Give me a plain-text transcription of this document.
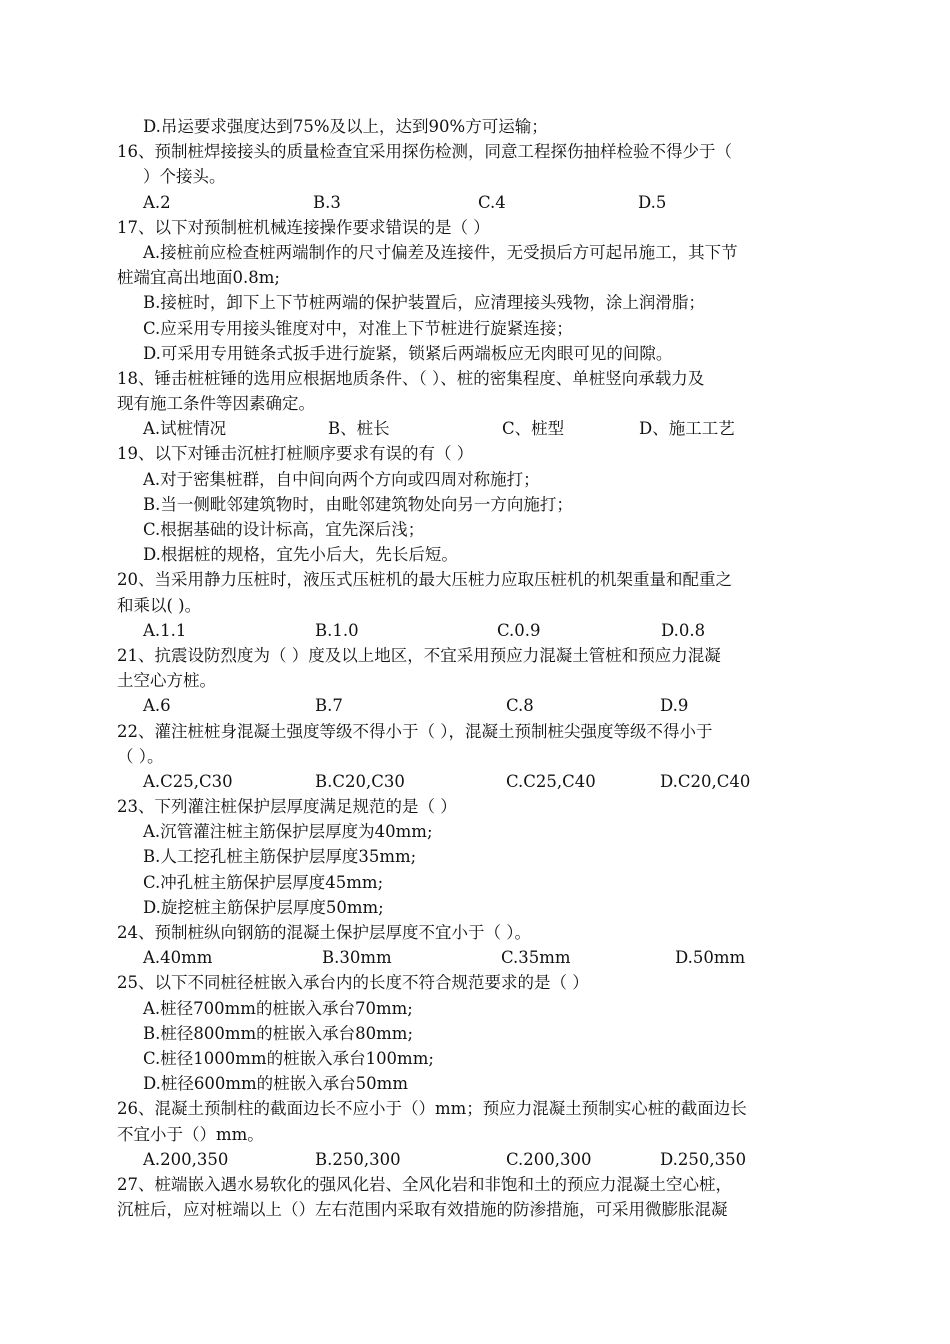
D.吊运要求强度达到75%及以上，达到90%方可运输；
16、预制桩焊接接头的质量检查宜采用探伤检测，同意工程探伤抽样检验不得少于（
）个接头。
A.2	B.3	C.4	D.5
17、以下对预制桩机械连接操作要求错误的是（ ）
A.接桩前应检查桩两端制作的尺寸偏差及连接件，无受损后方可起吊施工，其下节
桩端宜高出地面0.8m;
B.接桩时，卸下上下节桩两端的保护装置后，应清理接头残物，涂上润滑脂；
C.应采用专用接头锥度对中，对准上下节桩进行旋紧连接；
D.可采用专用链条式扳手进行旋紧，锁紧后两端板应无肉眼可见的间隙。
18、锤击桩桩锤的选用应根据地质条件、（ ）、桩的密集程度、单桩竖向承载力及
现有施工条件等因素确定。
A.试桩情况	B、桩长	C、桩型	D、施工工艺
19、以下对锤击沉桩打桩顺序要求有误的有（ ）
A.对于密集桩群，自中间向两个方向或四周对称施打；
B.当一侧毗邻建筑物时，由毗邻建筑物处向另一方向施打；
C.根据基础的设计标高，宜先深后浅；
D.根据桩的规格，宜先小后大，先长后短。
20、当采用静力压桩时，液压式压桩机的最大压桩力应取压桩机的机架重量和配重之
和乘以( )。
A.1.1	B.1.0	C.0.9	D.0.8
21、抗震设防烈度为（ ）度及以上地区，不宜采用预应力混凝土管桩和预应力混凝
土空心方桩。
A.6	B.7	C.8	D.9
22、灌注桩桩身混凝土强度等级不得小于（ ），混凝土预制桩尖强度等级不得小于
（ ）。
A.C25,C30	B.C20,C30	C.C25,C40	D.C20,C40
23、下列灌注桩保护层厚度满足规范的是（ ）
A.沉管灌注桩主筋保护层厚度为40mm;
B.人工挖孔桩主筋保护层厚度35mm;
C.冲孔桩主筋保护层厚度45mm;
D.旋挖桩主筋保护层厚度50mm;
24、预制桩纵向钢筋的混凝土保护层厚度不宜小于（ ）。
A.40mm	B.30mm	C.35mm	D.50mm
25、以下不同桩径桩嵌入承台内的长度不符合规范要求的是（ ）
A.桩径700mm的桩嵌入承台70mm;
B.桩径800mm的桩嵌入承台80mm;
C.桩径1000mm的桩嵌入承台100mm;
D.桩径600mm的桩嵌入承台50mm
26、混凝土预制柱的截面边长不应小于（）mm；预应力混凝土预制实心桩的截面边长
不宜小于（）mm。
A.200,350	B.250,300	C.200,300	D.250,350
27、桩端嵌入遇水易软化的强风化岩、全风化岩和非饱和土的预应力混凝土空心桩，
沉桩后，应对桩端以上（）左右范围内采取有效措施的防渗措施，可采用微膨胀混凝
